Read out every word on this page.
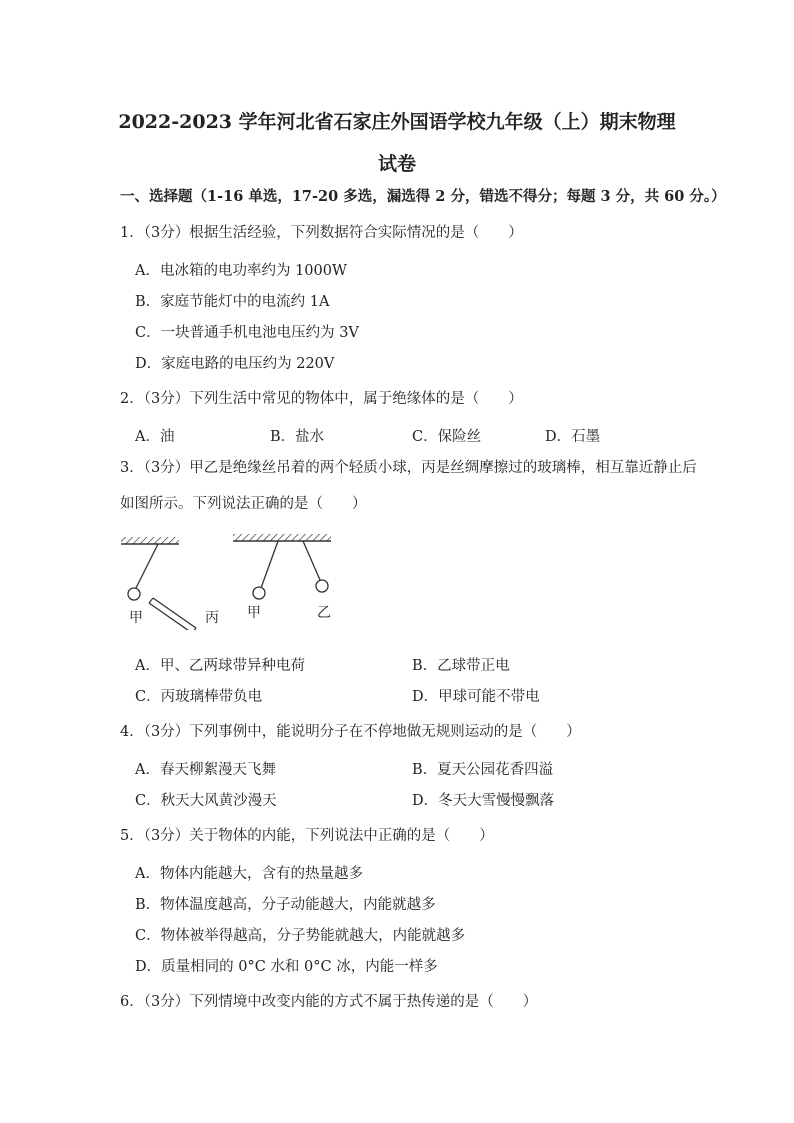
2022-2023 学年河北省石家庄外国语学校九年级（上）期末物理
试卷
一、选择题（1-16 单选，17-20 多选，漏选得 2 分，错选不得分；每题 3 分，共 60 分。）
1．（3分）根据生活经验，下列数据符合实际情况的是（　　）
A．电冰箱的电功率约为 1000W
B．家庭节能灯中的电流约 1A
C．一块普通手机电池电压约为 3V
D．家庭电路的电压约为 220V
2．（3分）下列生活中常见的物体中，属于绝缘体的是（　　）
A．油	B．盐水	C．保险丝	D．石墨
3．（3分）甲乙是绝缘丝吊着的两个轻质小球，丙是丝绸摩擦过的玻璃棒，相互靠近静止后
如图所示。下列说法正确的是（　　）
甲	丙 甲	乙
A．甲、乙两球带异种电荷	B．乙球带正电
C．丙玻璃棒带负电	D．甲球可能不带电
4．（3分）下列事例中，能说明分子在不停地做无规则运动的是（　　）
A．春天柳絮漫天飞舞	B．夏天公园花香四溢
C．秋天大风黄沙漫天	D．冬天大雪慢慢飘落
5．（3分）关于物体的内能，下列说法中正确的是（　　）
A．物体内能越大，含有的热量越多
B．物体温度越高，分子动能越大，内能就越多
C．物体被举得越高，分子势能就越大，内能就越多
D．质量相同的 0°C 水和 0°C 冰，内能一样多
6．（3分）下列情境中改变内能的方式不属于热传递的是（　　）
